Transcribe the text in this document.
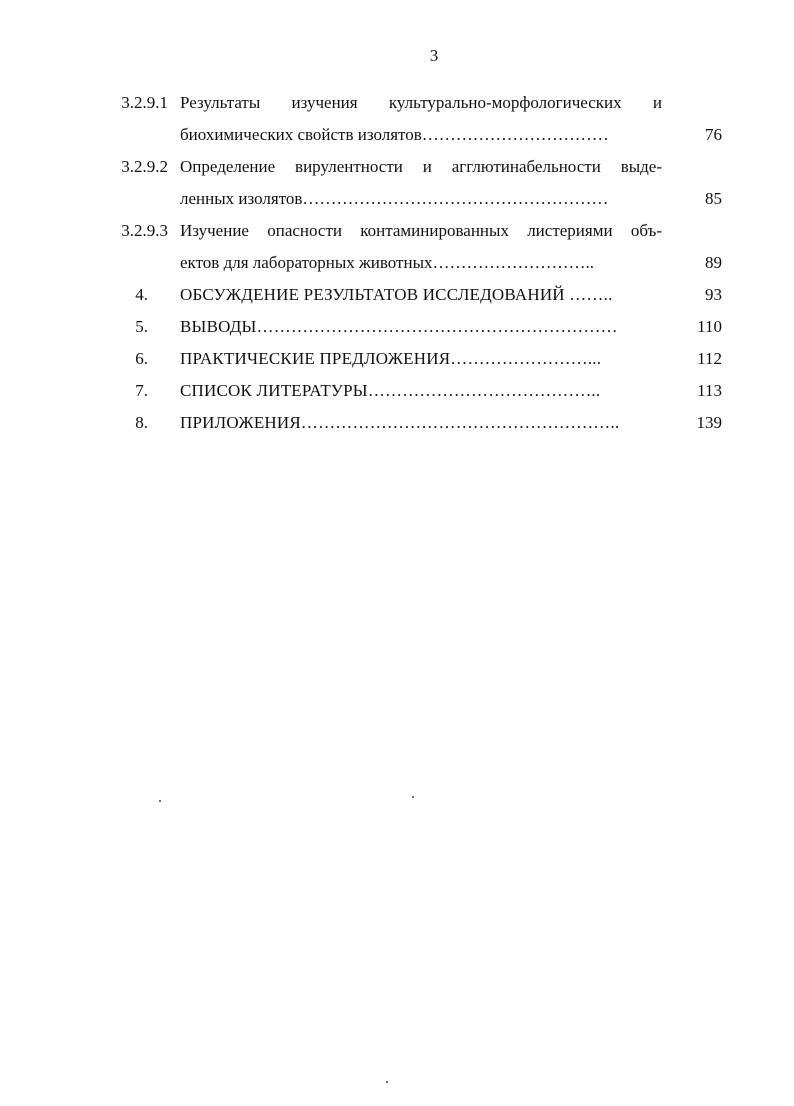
3
3.2.9.1 Результаты изучения культурально-морфологических и
биохимических свойств изолятов……………………………	76
3.2.9.2 Определение вирулентности и агглютинабельности выде-
ленных изолятов………………………………………………	85
3.2.9.3 Изучение опасности контаминированных листериями объ-
ектов для лабораторных животных………………………..	89
4. ОБСУЖДЕНИЕ РЕЗУЛЬТАТОВ ИССЛЕДОВАНИЙ ……..	93
5. ВЫВОДЫ………………………………………………………	110
6. ПРАКТИЧЕСКИЕ ПРЕДЛОЖЕНИЯ……………………...	112
7. СПИСОК ЛИТЕРАТУРЫ…………………………………..	113
8. ПРИЛОЖЕНИЯ………………………………………………..	139
